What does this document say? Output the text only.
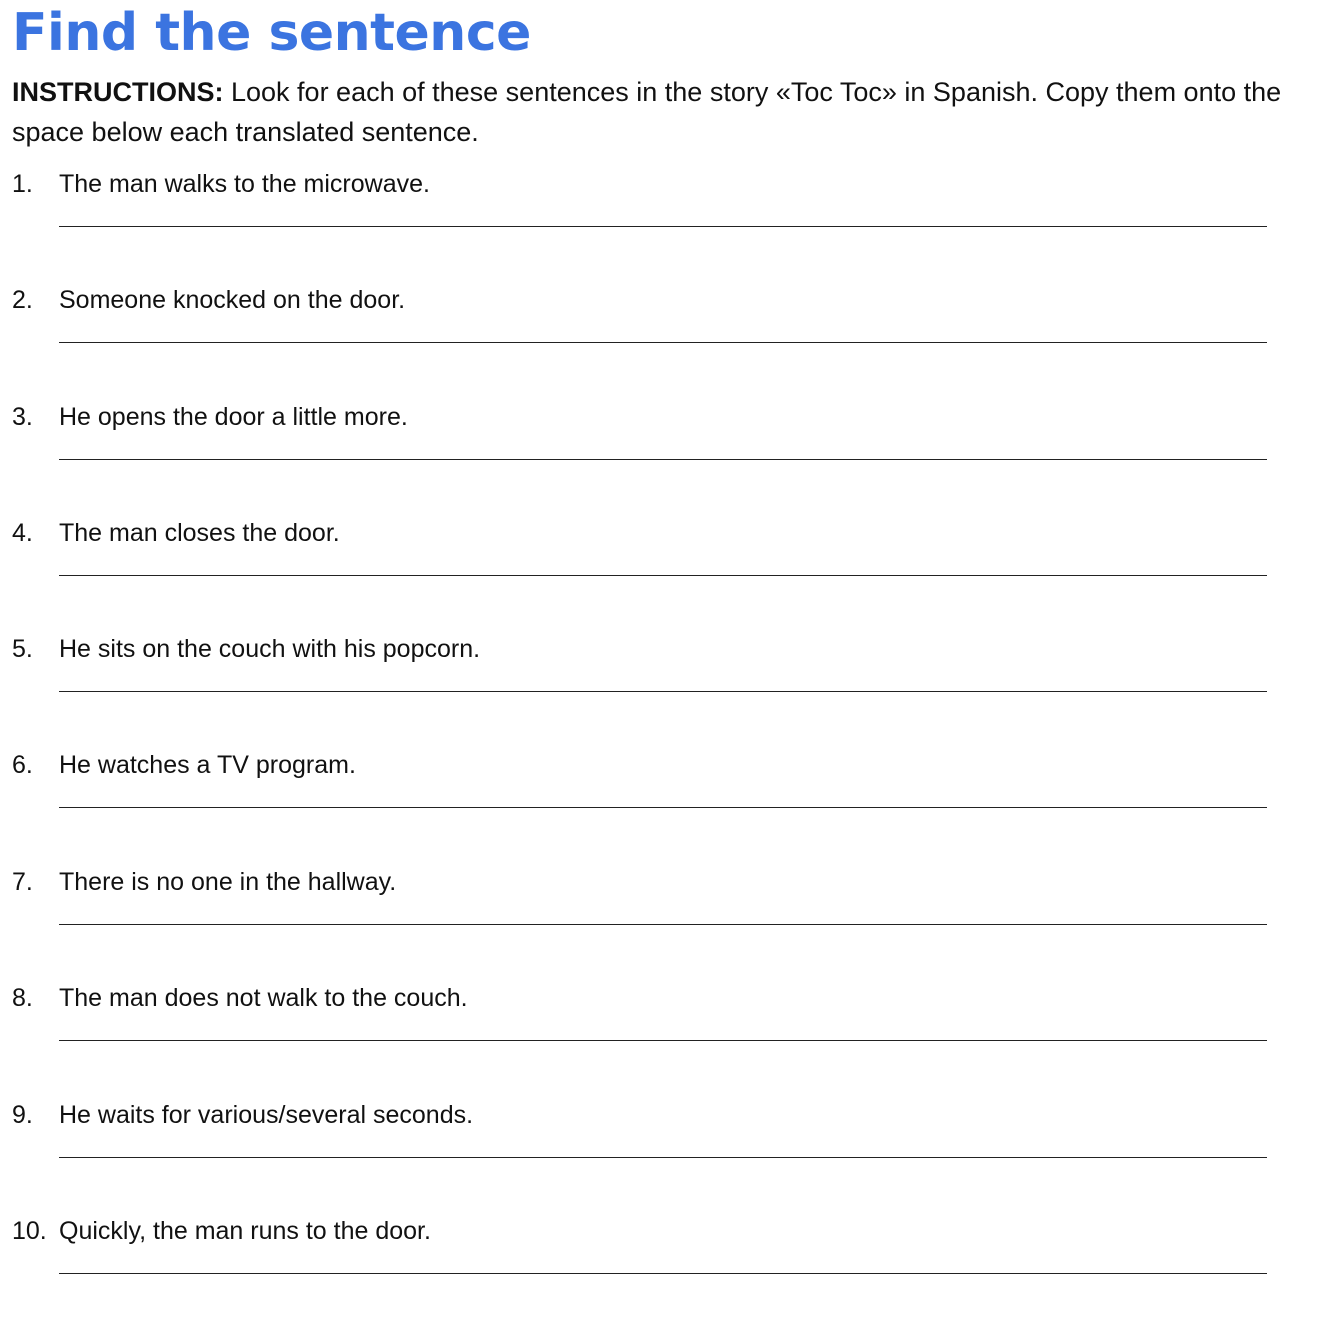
Find the sentence

INSTRUCTIONS: Look for each of these sentences in the story «Toc Toc» in Spanish. Copy them onto the space below each translated sentence.

1. The man walks to the microwave.
2. Someone knocked on the door.
3. He opens the door a little more.
4. The man closes the door.
5. He sits on the couch with his popcorn.
6. He watches a TV program.
7. There is no one in the hallway.
8. The man does not walk to the couch.
9. He waits for various/several seconds.
10. Quickly, the man runs to the door.
